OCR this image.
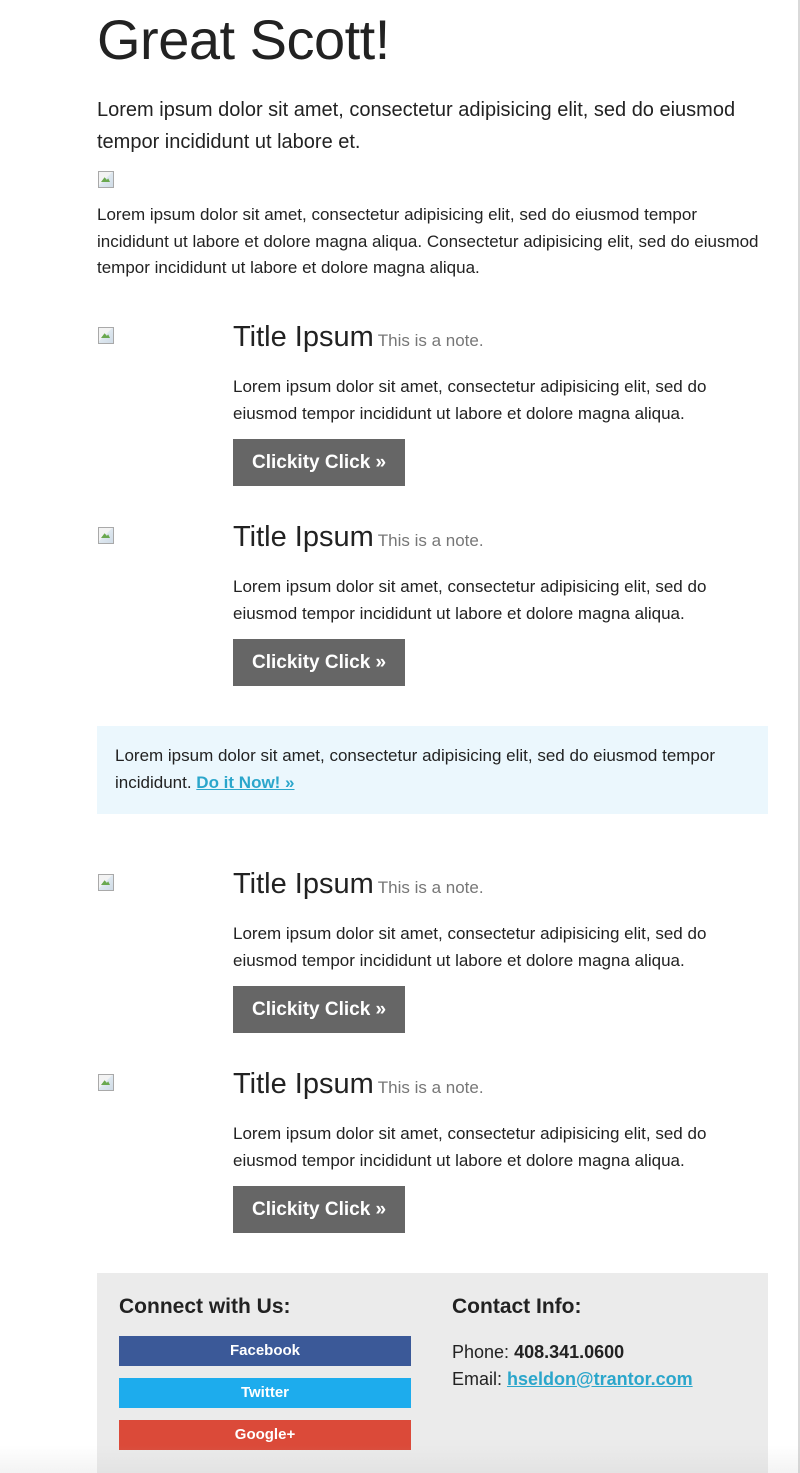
Great Scott!

Lorem ipsum dolor sit amet, consectetur adipisicing elit, sed do eiusmod tempor incididunt ut labore et.

Lorem ipsum dolor sit amet, consectetur adipisicing elit, sed do eiusmod tempor incididunt ut labore et dolore magna aliqua. Consectetur adipisicing elit, sed do eiusmod tempor incididunt ut labore et dolore magna aliqua.

Title Ipsum This is a note.

Lorem ipsum dolor sit amet, consectetur adipisicing elit, sed do eiusmod tempor incididunt ut labore et dolore magna aliqua.

Clickity Click »
Title Ipsum This is a note.

Lorem ipsum dolor sit amet, consectetur adipisicing elit, sed do eiusmod tempor incididunt ut labore et dolore magna aliqua.

Clickity Click »
Lorem ipsum dolor sit amet, consectetur adipisicing elit, sed do eiusmod tempor incididunt. Do it Now! »
Title Ipsum This is a note.

Lorem ipsum dolor sit amet, consectetur adipisicing elit, sed do eiusmod tempor incididunt ut labore et dolore magna aliqua.

Clickity Click »
Title Ipsum This is a note.

Lorem ipsum dolor sit amet, consectetur adipisicing elit, sed do eiusmod tempor incididunt ut labore et dolore magna aliqua.

Clickity Click »
Connect with Us:
Facebook
Twitter
Google+
Contact Info:
Phone: 408.341.0600
Email: hseldon@trantor.com
